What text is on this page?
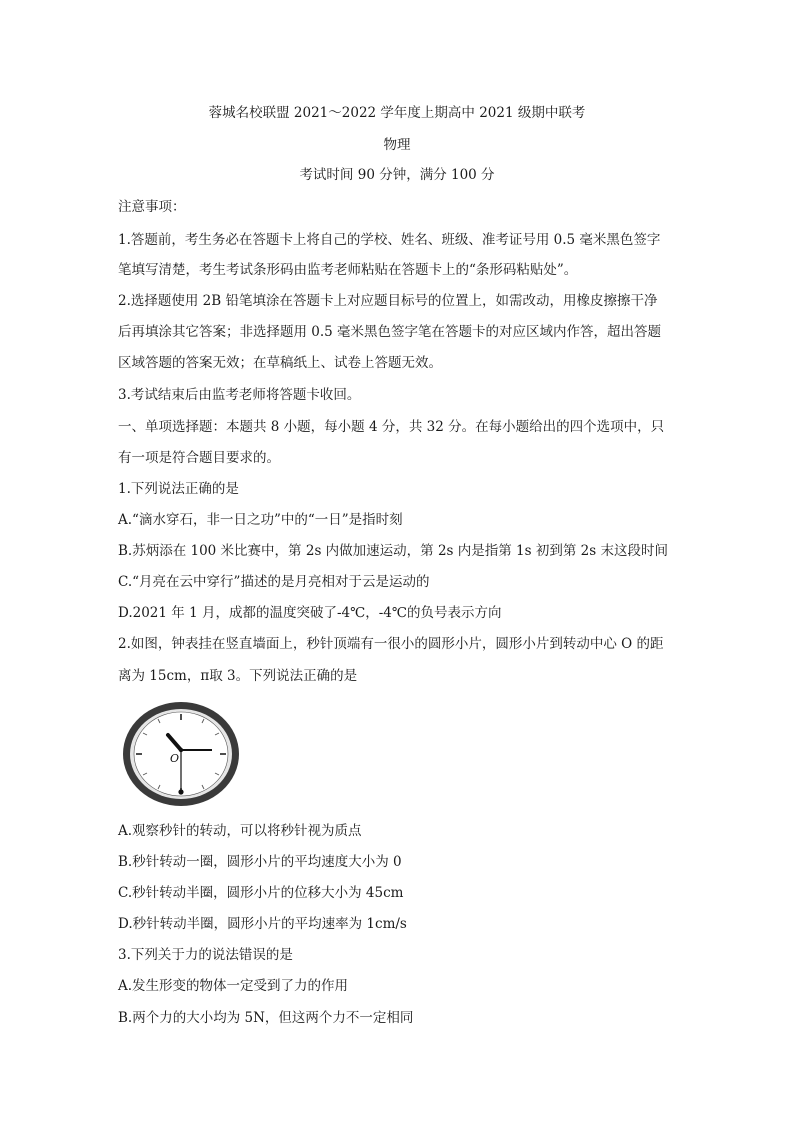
蓉城名校联盟 2021～2022 学年度上期高中 2021 级期中联考
物理
考试时间 90 分钟，满分 100 分
注意事项：
1.答题前，考生务必在答题卡上将自己的学校、姓名、班级、准考证号用 0.5 毫米黑色签字
笔填写清楚，考生考试条形码由监考老师粘贴在答题卡上的“条形码粘贴处”。
2.选择题使用 2B 铅笔填涂在答题卡上对应题目标号的位置上，如需改动，用橡皮擦擦干净
后再填涂其它答案；非选择题用 0.5 毫米黑色签字笔在答题卡的对应区域内作答，超出答题
区域答题的答案无效；在草稿纸上、试卷上答题无效。
3.考试结束后由监考老师将答题卡收回。
一、单项选择题：本题共 8 小题，每小题 4 分，共 32 分。在每小题给出的四个选项中，只
有一项是符合题目要求的。
1.下列说法正确的是
A.“滴水穿石，非一日之功”中的“一日”是指时刻
B.苏炳添在 100 米比赛中，第 2s 内做加速运动，第 2s 内是指第 1s 初到第 2s 末这段时间
C.“月亮在云中穿行”描述的是月亮相对于云是运动的
D.2021 年 1 月，成都的温度突破了-4℃，-4℃的负号表示方向
2.如图，钟表挂在竖直墙面上，秒针顶端有一很小的圆形小片，圆形小片到转动中心 O 的距
离为 15cm，π取 3。下列说法正确的是
O
A.观察秒针的转动，可以将秒针视为质点
B.秒针转动一圈，圆形小片的平均速度大小为 0
C.秒针转动半圈，圆形小片的位移大小为 45cm
D.秒针转动半圈，圆形小片的平均速率为 1cm/s
3.下列关于力的说法错误的是
A.发生形变的物体一定受到了力的作用
B.两个力的大小均为 5N，但这两个力不一定相同
